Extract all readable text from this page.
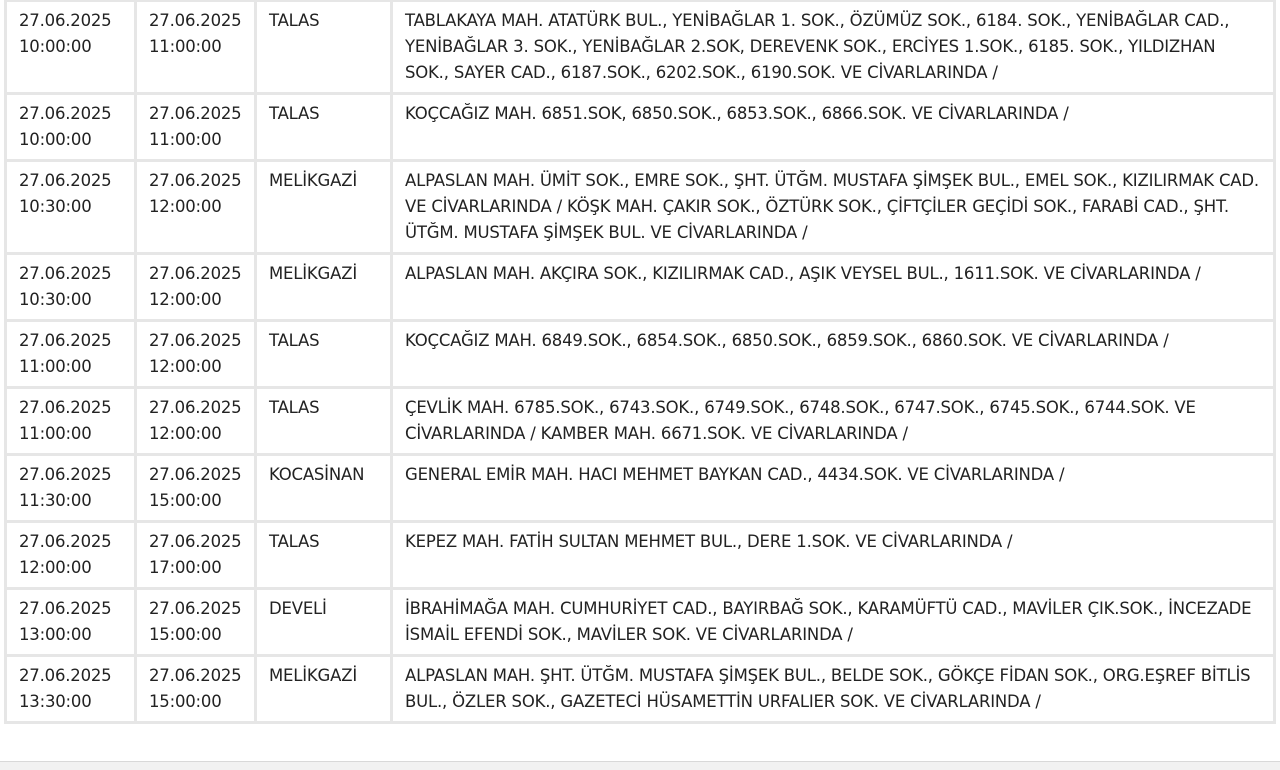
27.06.2025
10:00:00	27.06.2025
11:00:00	TALAS	TABLAKAYA MAH. ATATÜRK BUL., YENİBAĞLAR 1. SOK., ÖZÜMÜZ SOK., 6184. SOK., YENİBAĞLAR CAD., YENİBAĞLAR 3. SOK., YENİBAĞLAR 2.SOK, DEREVENK SOK., ERCİYES 1.SOK., 6185. SOK., YILDIZHAN SOK., SAYER CAD., 6187.SOK., 6202.SOK., 6190.SOK. VE CİVARLARINDA /

27.06.2025
10:00:00	27.06.2025
11:00:00	TALAS	KOÇCAĞIZ MAH. 6851.SOK, 6850.SOK., 6853.SOK., 6866.SOK. VE CİVARLARINDA /

27.06.2025
10:30:00	27.06.2025
12:00:00	MELİKGAZİ	ALPASLAN MAH. ÜMİT SOK., EMRE SOK., ŞHT. ÜTĞM. MUSTAFA ŞİMŞEK BUL., EMEL SOK., KIZILIRMAK CAD. VE CİVARLARINDA / KÖŞK MAH. ÇAKIR SOK., ÖZTÜRK SOK., ÇİFTÇİLER GEÇİDİ SOK., FARABİ CAD., ŞHT. ÜTĞM. MUSTAFA ŞİMŞEK BUL. VE CİVARLARINDA /

27.06.2025
10:30:00	27.06.2025
12:00:00	MELİKGAZİ	ALPASLAN MAH. AKÇIRA SOK., KIZILIRMAK CAD., AŞIK VEYSEL BUL., 1611.SOK. VE CİVARLARINDA /

27.06.2025
11:00:00	27.06.2025
12:00:00	TALAS	KOÇCAĞIZ MAH. 6849.SOK., 6854.SOK., 6850.SOK., 6859.SOK., 6860.SOK. VE CİVARLARINDA /

27.06.2025
11:00:00	27.06.2025
12:00:00	TALAS	ÇEVLİK MAH. 6785.SOK., 6743.SOK., 6749.SOK., 6748.SOK., 6747.SOK., 6745.SOK., 6744.SOK. VE CİVARLARINDA / KAMBER MAH. 6671.SOK. VE CİVARLARINDA /

27.06.2025
11:30:00	27.06.2025
15:00:00	KOCASİNAN	GENERAL EMİR MAH. HACI MEHMET BAYKAN CAD., 4434.SOK. VE CİVARLARINDA /

27.06.2025
12:00:00	27.06.2025
17:00:00	TALAS	KEPEZ MAH. FATİH SULTAN MEHMET BUL., DERE 1.SOK. VE CİVARLARINDA /

27.06.2025
13:00:00	27.06.2025
15:00:00	DEVELİ	İBRAHİMAĞA MAH. CUMHURİYET CAD., BAYIRBAĞ SOK., KARAMÜFTÜ CAD., MAVİLER ÇIK.SOK., İNCEZADE İSMAİL EFENDİ SOK., MAVİLER SOK. VE CİVARLARINDA /

27.06.2025
13:30:00	27.06.2025
15:00:00	MELİKGAZİ	ALPASLAN MAH. ŞHT. ÜTĞM. MUSTAFA ŞİMŞEK BUL., BELDE SOK., GÖKÇE FİDAN SOK., ORG.EŞREF BİTLİS BUL., ÖZLER SOK., GAZETECİ HÜSAMETTİN URFALIER SOK. VE CİVARLARINDA /
